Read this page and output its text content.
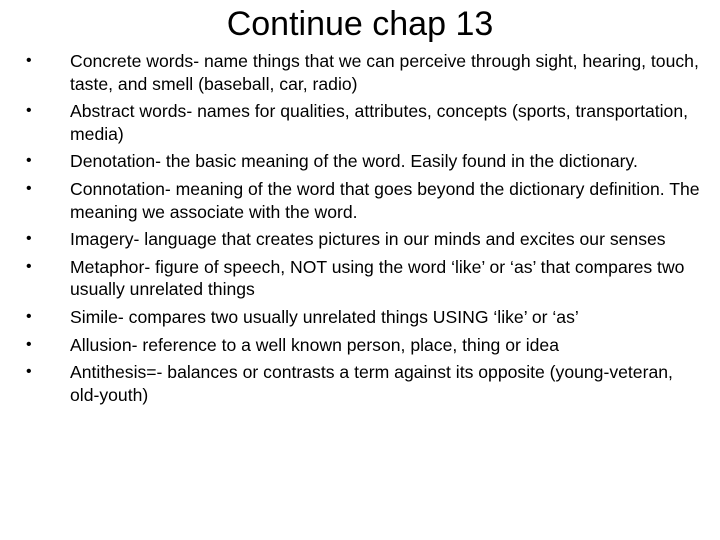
Continue chap 13
•	Concrete words- name things that we can perceive through sight, hearing, touch, taste, and smell (baseball, car, radio)
•	Abstract words- names for qualities, attributes, concepts (sports, transportation, media)
•	Denotation- the basic meaning of the word. Easily found in the dictionary.
•	Connotation- meaning of the word that goes beyond the dictionary definition. The meaning we associate with the word.
•	Imagery- language that creates pictures in our minds and excites our senses
•	Metaphor- figure of speech, NOT using the word ‘like’ or ‘as’ that compares two usually unrelated things
•	Simile- compares two usually unrelated things USING ‘like’ or ‘as’
•	Allusion- reference to a well known person, place, thing or idea
•	Antithesis=- balances or contrasts a term against its opposite (young-veteran, old-youth)
